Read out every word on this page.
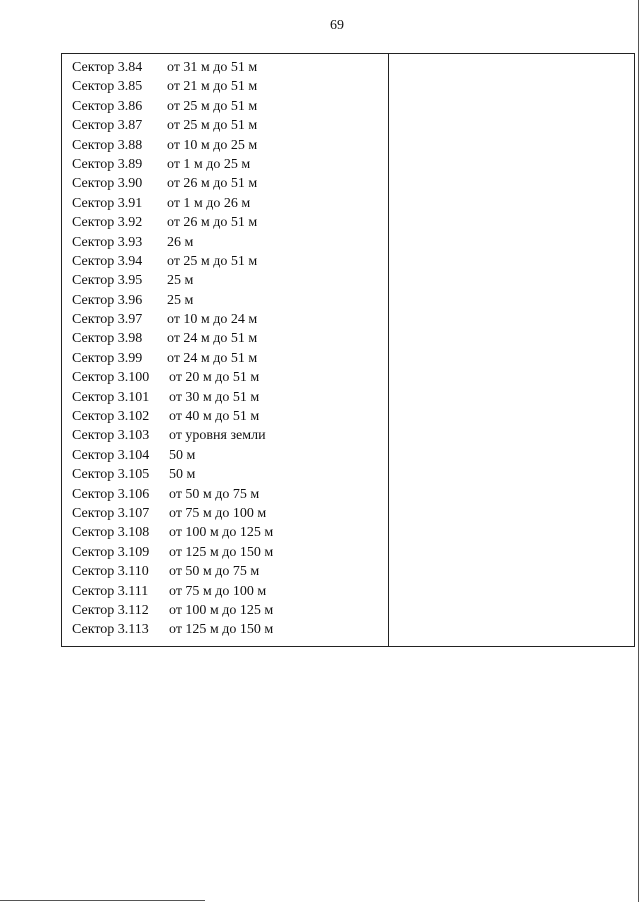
69
Сектор 3.84 от 31 м до 51 м
Сектор 3.85 от 21 м до 51 м
Сектор 3.86 от 25 м до 51 м
Сектор 3.87 от 25 м до 51 м
Сектор 3.88 от 10 м до 25 м
Сектор 3.89 от 1 м до 25 м
Сектор 3.90 от 26 м до 51 м
Сектор 3.91 от 1 м до 26 м
Сектор 3.92 от 26 м до 51 м
Сектор 3.93 26 м
Сектор 3.94 от 25 м до 51 м
Сектор 3.95 25 м
Сектор 3.96 25 м
Сектор 3.97 от 10 м до 24 м
Сектор 3.98 от 24 м до 51 м
Сектор 3.99 от 24 м до 51 м
Сектор 3.100 от 20 м до 51 м
Сектор 3.101 от 30 м до 51 м
Сектор 3.102 от 40 м до 51 м
Сектор 3.103 от уровня земли
Сектор 3.104 50 м
Сектор 3.105 50 м
Сектор 3.106 от 50 м до 75 м
Сектор 3.107 от 75 м до 100 м
Сектор 3.108 от 100 м до 125 м
Сектор 3.109 от 125 м до 150 м
Сектор 3.110 от 50 м до 75 м
Сектор 3.111 от 75 м до 100 м
Сектор 3.112 от 100 м до 125 м
Сектор 3.113 от 125 м до 150 м
